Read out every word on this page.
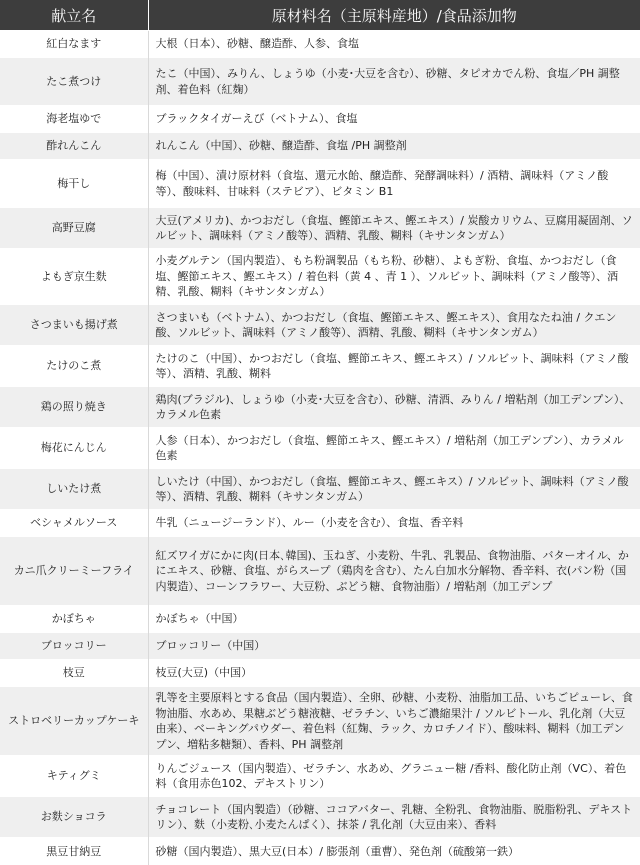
献立名	原材料名（主原料産地）/食品添加物
紅白なます	大根（日本）、砂糖、醸造酢、人参、食塩
たこ煮つけ	たこ（中国）、みりん、しょうゆ（小麦･大豆を含む）、砂糖、タピオカでん粉、食塩／PH 調整剤、着色料（紅麹）
海老塩ゆで	ブラックタイガーえび（ベトナム）、食塩
酢れんこん	れんこん（中国）、砂糖、醸造酢、食塩 /PH 調整剤
梅干し	梅（中国）、漬け原材料（食塩、還元水飴、醸造酢、発酵調味料）/ 酒精、調味料（アミノ酸等）、酸味料、甘味料（ステビア）、ビタミン B1
高野豆腐	大豆(アメリカ)、かつおだし（食塩、鰹節エキス、鰹エキス）/ 炭酸カリウム、豆腐用凝固剤、ソルビット、調味料（アミノ酸等）、酒精、乳酸、糊料（キサンタンガム）
よもぎ京生麩	小麦グルテン（国内製造）、もち粉調製品（もち粉、砂糖）、よもぎ粉、食塩、かつおだし（食塩、鰹節エキス、鰹エキス）/ 着色料（黄 4 、青 1 ）、ソルビット、調味料（アミノ酸等）、酒精、乳酸、糊料（キサンタンガム）
さつまいも揚げ煮	さつまいも（ベトナム）、かつおだし（食塩、鰹節エキス、鰹エキス）、食用なたね油 / クエン酸、ソルビット、調味料（アミノ酸等）、酒精、乳酸、糊料（キサンタンガム）
たけのこ煮	たけのこ（中国）、かつおだし（食塩、鰹節エキス、鰹エキス）/ ソルビット、調味料（アミノ酸等）、酒精、乳酸、糊料
鶏の照り焼き	鶏肉(ブラジル)、しょうゆ（小麦･大豆を含む）、砂糖、清酒、みりん / 増粘剤（加工デンプン）、カラメル色素
梅花にんじん	人参（日本）、かつおだし（食塩、鰹節エキス、鰹エキス）/ 増粘剤（加工デンプン）、カラメル色素
しいたけ煮	しいたけ（中国）、かつおだし（食塩、鰹節エキス、鰹エキス）/ ソルビット、調味料（アミノ酸等）、酒精、乳酸、糊料（キサンタンガム）
ベシャメルソース	牛乳（ニュージーランド）、ルー（小麦を含む）、食塩、香辛料
カニ爪クリーミーフライ	紅ズワイガにかに肉(日本､韓国)、玉ねぎ、小麦粉、牛乳、乳製品、食物油脂、バターオイル、かにエキス、砂糖、食塩、がらスープ（鶏肉を含む）、たん白加水分解物、香辛料、衣(パン粉（国内製造）、コーンフラワー、大豆粉、ぶどう糖、食物油脂）/ 増粘剤（加工デンプ
かぼちゃ	かぼちゃ（中国）
ブロッコリー	ブロッコリー（中国）
枝豆	枝豆(大豆)（中国）
ストロベリーカップケーキ	乳等を主要原料とする食品（国内製造）、全卵、砂糖、小麦粉、油脂加工品、いちごピューレ、食物油脂、水あめ、果糖ぶどう糖液糖、ゼラチン、いちご濃縮果汁 / ソルビトール、乳化剤（大豆由来）、ベーキングパウダー、着色料（紅麹、ラック、カロチノイド）、酸味料、糊料（加工デンプン、増粘多糖類）、香料、PH 調整剤
キティグミ	りんごジュース（国内製造）、ゼラチン、水あめ、グラニュー糖 /香料、酸化防止剤（VC）、着色料（食用赤色102、デキストリン）
お麩ショコラ	チョコレート（国内製造）（砂糖、ココアバター、乳糖、全粉乳、食物油脂、脱脂粉乳、デキストリン）、麩（小麦粉､小麦たんぱく）、抹茶 / 乳化剤（大豆由来）、香料
黒豆甘納豆	砂糖（国内製造）、黒大豆(日本）/ 膨張剤（重曹）、発色剤（硫酸第一鉄）
